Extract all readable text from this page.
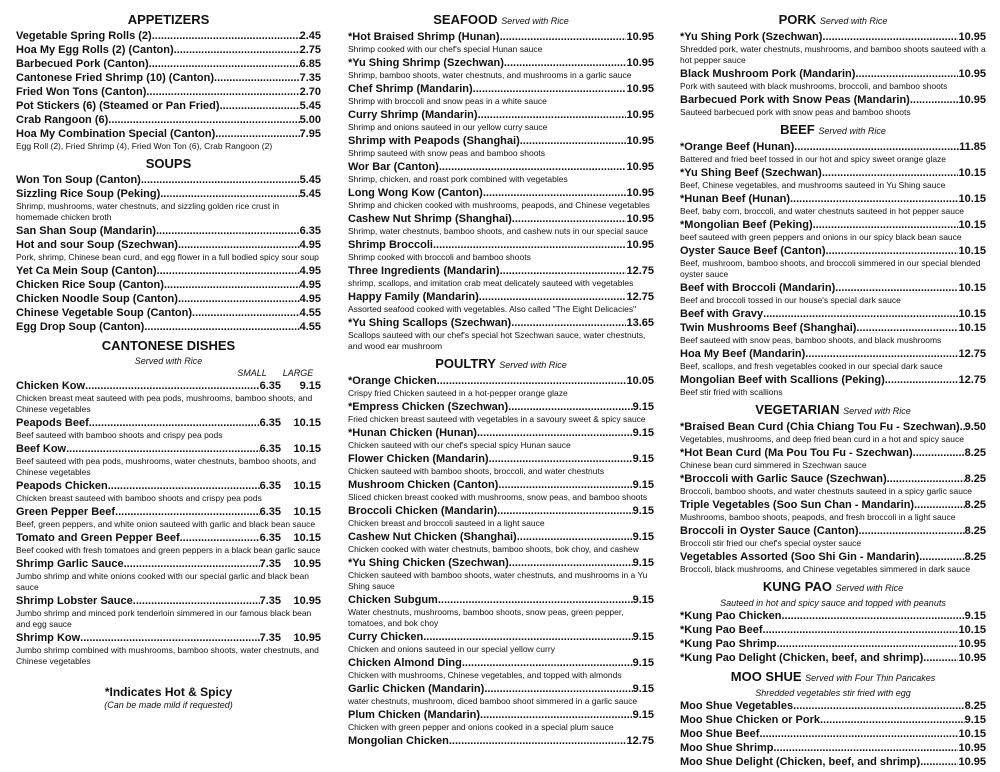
APPETIZERS
Vegetable Spring Rolls (2) .....	2.45
Hoa My Egg Rolls (2) (Canton) .....	2.75
Barbecued Pork (Canton) .....	6.85
Cantonese Fried Shrimp (10) (Canton) .....	7.35
Fried Won Tons (Canton) .....	2.70
Pot Stickers (6) (Steamed or Pan Fried) .....	5.45
Crab Rangoon (6) .....	5.00
Hoa My Combination Special (Canton) .....	7.95
Egg Roll (2), Fried Shrimp (4), Fried Won Ton (6), Crab Rangoon (2)
SOUPS
Won Ton Soup (Canton) .....	5.45
Sizzling Rice Soup (Peking) .....	5.45
Shrimp, mushrooms, water chestnuts, and sizzling golden rice crust in homemade chicken broth
San Shan Soup (Mandarin) .....	6.35
Hot and sour Soup (Szechwan) .....	4.95
Pork, shrimp, Chinese bean curd, and egg flower in a full bodied spicy sour soup
Yet Ca Mein Soup (Canton) .....	4.95
Chicken Rice Soup (Canton) .....	4.95
Chicken Noodle Soup (Canton) .....	4.95
Chinese Vegetable Soup (Canton) .....	4.55
Egg Drop Soup (Canton) .....	4.55
CANTONESE DISHES
Served with Rice
SMALL	LARGE
Chicken Kow .....	6.35	9.15
Chicken breast meat sauteed with pea pods, mushrooms, bamboo shoots, and Chinese vegetables
Peapods Beef .....	6.35	10.15
Beef sauteed with bamboo shoots and crispy pea pods
Beef Kow .....	6.35	10.15
Beef sauteed with pea pods, mushrooms, water chestnuts, bamboo shoots, and Chinese vegetables
Peapods Chicken .....	6.35	10.15
Chicken breast sauteed with bamboo shoots and crispy pea pods
Green Pepper Beef .....	6.35	10.15
Beef, green peppers, and white onion sauteed with garlic and black bean sauce
Tomato and Green Pepper Beef .....	6.35	10.15
Beef cooked with fresh tomatoes and green peppers in a black bean garlic sauce
Shrimp Garlic Sauce .....	7.35	10.95
Jumbo shrimp and white onions cooked with our special garlic and black bean sauce
Shrimp Lobster Sauce .....	7.35	10.95
Jumbo shrimp and minced pork tenderloin simmered in our famous black bean and egg sauce
Shrimp Kow .....	7.35	10.95
Jumbo shrimp combined with mushrooms, bamboo shoots, water chestnuts, and Chinese vegetables
*Indicates Hot & Spicy
(Can be made mild if requested)
SEAFOOD Served with Rice
*Hot Braised Shrimp (Hunan) .....	10.95
Shrimp cooked with our chef's special Hunan sauce
*Yu Shing Shrimp (Szechwan) .....	10.95
Shrimp, bamboo shoots, water chestnuts, and mushrooms in a garlic sauce
Chef Shrimp (Mandarin) .....	10.95
Shrimp with broccoli and snow peas in a white sauce
Curry Shrimp (Mandarin) .....	10.95
Shrimp and onions sauteed in our yellow curry sauce
Shrimp with Peapods (Shanghai) .....	10.95
Shrimp sauteed with snow peas and bamboo shoots
Wor Bar (Canton) .....	10.95
Shrimp, chicken, and roast pork combined with vegetables
Long Wong Kow (Canton) .....	10.95
Shrimp and chicken cooked with mushrooms, peapods, and Chinese vegetables
Cashew Nut Shrimp (Shanghai) .....	10.95
Shrimp, water chestnuts, bamboo shoots, and cashew nuts in our special sauce
Shrimp Broccoli .....	10.95
Shrimp cooked with broccoli and bamboo shoots
Three Ingredients (Mandarin) .....	12.75
shrimp, scallops, and imitation crab meat delicately sauteed with vegetables
Happy Family (Mandarin) .....	12.75
Assorted seafood cooked with vegetables. Also called "The Eight Delicacies"
*Yu Shing Scallops (Szechwan) .....	13.65
Scallops sauteed with our chef's special hot Szechwan sauce, water chestnuts, and wood ear mushroom
POULTRY Served with Rice
*Orange Chicken .....	10.05
Crispy fried Chicken sauteed in a hot-pepper orange glaze
*Empress Chicken (Szechwan) .....	9.15
Fried chicken breast sauteed with vegetables in a savoury sweet & spicy sauce
*Hunan Chicken (Hunan) .....	9.15
Chicken sauteed with our chef's special spicy Hunan sauce
Flower Chicken (Mandarin) .....	9.15
Chicken sauteed with bamboo shoots, broccoli, and water chestnuts
Mushroom Chicken (Canton) .....	9.15
Sliced chicken breast cooked with mushrooms, snow peas, and bamboo shoots
Broccoli Chicken (Mandarin) .....	9.15
Chicken breast and broccoli sauteed in a light sauce
Cashew Nut Chicken (Shanghai) .....	9.15
Chicken cooked with water chestnuts, bamboo shoots, bok choy, and cashew
*Yu Shing Chicken (Szechwan) .....	9.15
Chicken sauteed with bamboo shoots, water chestnuts, and mushrooms in a Yu Shing sauce
Chicken Subgum .....	9.15
Water chestnuts, mushrooms, bamboo shoots, snow peas, green pepper, tomatoes, and bok choy
Curry Chicken .....	9.15
Chicken and onions sauteed in our special yellow curry
Chicken Almond Ding .....	9.15
Chicken with mushrooms, Chinese vegetables, and topped with almonds
Garlic Chicken (Mandarin) .....	9.15
water chestnuts, mushroom, diced bamboo shoot simmered in a garlic sauce
Plum Chicken (Mandarin) .....	9.15
Chicken with green pepper and onions cooked in a special plum sauce
Mongolian Chicken .....	12.75
PORK Served with Rice
*Yu Shing Pork (Szechwan) .....	10.95
Shredded pork, water chestnuts, mushrooms, and bamboo shoots sauteed with a hot pepper sauce
Black Mushroom Pork (Mandarin) .....	10.95
Pork with sauteed with black mushrooms, broccoli, and bamboo shoots
Barbecued Pork with Snow Peas (Mandarin) .....	10.95
Sauteed barbecued pork with snow peas and bamboo shoots
BEEF Served with Rice
*Orange Beef (Hunan) .....	11.85
Battered and fried beef tossed in our hot and spicy sweet orange glaze
*Yu Shing Beef (Szechwan) .....	10.15
Beef, Chinese vegetables, and mushrooms sauteed in Yu Shing sauce
*Hunan Beef (Hunan) .....	10.15
Beef, baby corn, broccoli, and water chestnuts sauteed in hot pepper sauce
*Mongolian Beef (Peking) .....	10.15
beef sauteed with green peppers and onions in our spicy black bean sauce
Oyster Sauce Beef (Canton) .....	10.15
Beef, mushroom, bamboo shoots, and broccoli simmered in our special blended oyster sauce
Beef with Broccoli (Mandarin) .....	10.15
Beef and broccoli tossed in our house's special dark sauce
Beef with Gravy .....	10.15
Twin Mushrooms Beef (Shanghai) .....	10.15
Beef sauteed with snow peas, bamboo shoots, and black mushrooms
Hoa My Beef (Mandarin) .....	12.75
Beef, scallops, and fresh vegetables cooked in our special dark sauce
Mongolian Beef with Scallions (Peking) .....	12.75
Beef stir fried with scallions
VEGETARIAN Served with Rice
*Braised Bean Curd (Chia Chiang Tou Fu - Szechwan) ..... 9.50
Vegetables, mushrooms, and deep fried bean curd in a hot and spicy sauce
*Hot Bean Curd (Ma Pou Tou Fu - Szechwan) .....	8.25
Chinese bean curd simmered in Szechwan sauce
*Broccoli with Garlic Sauce (Szechwan) .....	8.25
Broccoli, bamboo shoots, and water chestnuts sauteed in a spicy garlic sauce
Triple Vegetables (Soo Sun Chan - Mandarin) .....	8.25
Mushrooms, bamboo shoots, peapods, and fresh broccoli in a light sauce
Broccoli in Oyster Sauce (Canton) .....	8.25
Broccoli stir fried our chef's special oyster sauce
Vegetables Assorted (Soo Shi Gin - Mandarin) .....	8.25
Broccoli, black mushrooms, and Chinese vegetables simmered in dark sauce
KUNG PAO Served with Rice
Sauteed in hot and spicy sauce and topped with peanuts
*Kung Pao Chicken .....	9.15
*Kung Pao Beef .....	10.15
*Kung Pao Shrimp .....	10.95
*Kung Pao Delight (Chicken, beef, and shrimp) .....	10.95
MOO SHUE Served with Four Thin Pancakes
Shredded vegetables stir fried with egg
Moo Shue Vegetables .....	8.25
Moo Shue Chicken or Pork .....	9.15
Moo Shue Beef .....	10.15
Moo Shue Shrimp .....	10.95
Moo Shue Delight (Chicken, beef, and shrimp) .....	10.95
